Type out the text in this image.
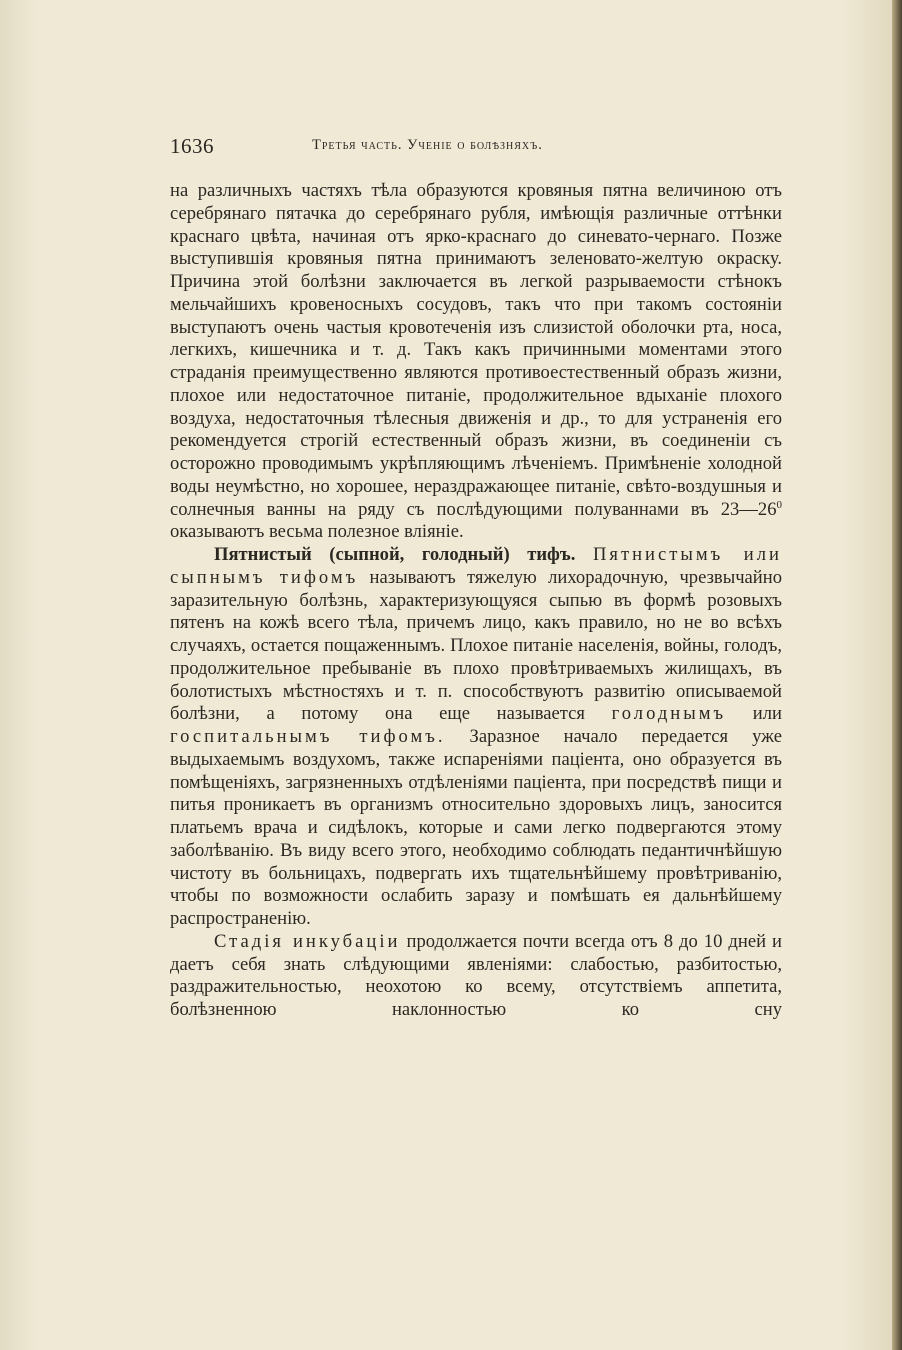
1636	Третья часть. Ученіе о болѣзняхъ.

на различныхъ частяхъ тѣла образуются кровяныя пятна величиною отъ серебрянаго пятачка до серебрянаго рубля, имѣющія различные оттѣнки краснаго цвѣта, начиная отъ ярко-краснаго до синевато-чернаго. Позже выступившія кровяныя пятна принимаютъ зеленовато-желтую окраску. Причина этой болѣзни заключается въ легкой разрываемости стѣнокъ мельчайшихъ кровеносныхъ сосудовъ, такъ что при такомъ состояніи выступаютъ очень частыя кровотеченія изъ слизистой оболочки рта, носа, легкихъ, кишечника и т. д. Такъ какъ причинными моментами этого страданія преимущественно являются противоестественный образъ жизни, плохое или недостаточное питаніе, продолжительное вдыханіе плохого воздуха, недостаточныя тѣлесныя движенія и др., то для устраненія его рекомендуется строгій естественный образъ жизни, въ соединеніи съ осторожно проводимымъ укрѣпляющимъ лѣченіемъ. Примѣненіе холодной воды неумѣстно, но хорошее, нераздражающее питаніе, свѣто-воздушныя и солнечныя ванны на ряду съ послѣдующими полуваннами въ $23—26^0$ оказываютъ весьма полезное вліяніе.

Пятнистый (сыпной, голодный) тифъ. Пятнистымъ или сыпнымъ тифомъ называютъ тяжелую лихорадочную, чрезвычайно заразительную болѣзнь, характеризующуяся сыпью въ формѣ розовыхъ пятенъ на кожѣ всего тѣла, причемъ лицо, какъ правило, но не во всѣхъ случаяхъ, остается пощаженнымъ. Плохое питаніе населенія, войны, голодъ, продолжительное пребываніе въ плохо провѣтриваемыхъ жилищахъ, въ болотистыхъ мѣстностяхъ и т. п. способствуютъ развитію описываемой болѣзни, а потому она еще называется голоднымъ или госпитальнымъ тифомъ. Заразное начало передается уже выдыхаемымъ воздухомъ, также испареніями паціента, оно образуется въ помѣщеніяхъ, загрязненныхъ отдѣленіями паціента, при посредствѣ пищи и питья проникаетъ въ организмъ относительно здоровыхъ лицъ, заносится платьемъ врача и сидѣлокъ, которые и сами легко подвергаются этому заболѣванію. Въ виду всего этого, необходимо соблюдать педантичнѣйшую чистоту въ больницахъ, подвергать ихъ тщательнѣйшему провѣтриванію, чтобы по возможности ослабить заразу и помѣшать ея дальнѣйшему распространенію.

Стадія инкубаціи продолжается почти всегда отъ 8 до 10 дней и даетъ себя знать слѣдующими явленіями: слабостью, разбитостью, раздражительностью, неохотою ко всему, отсутствіемъ аппетита, болѣзненною наклонностью ко сну
